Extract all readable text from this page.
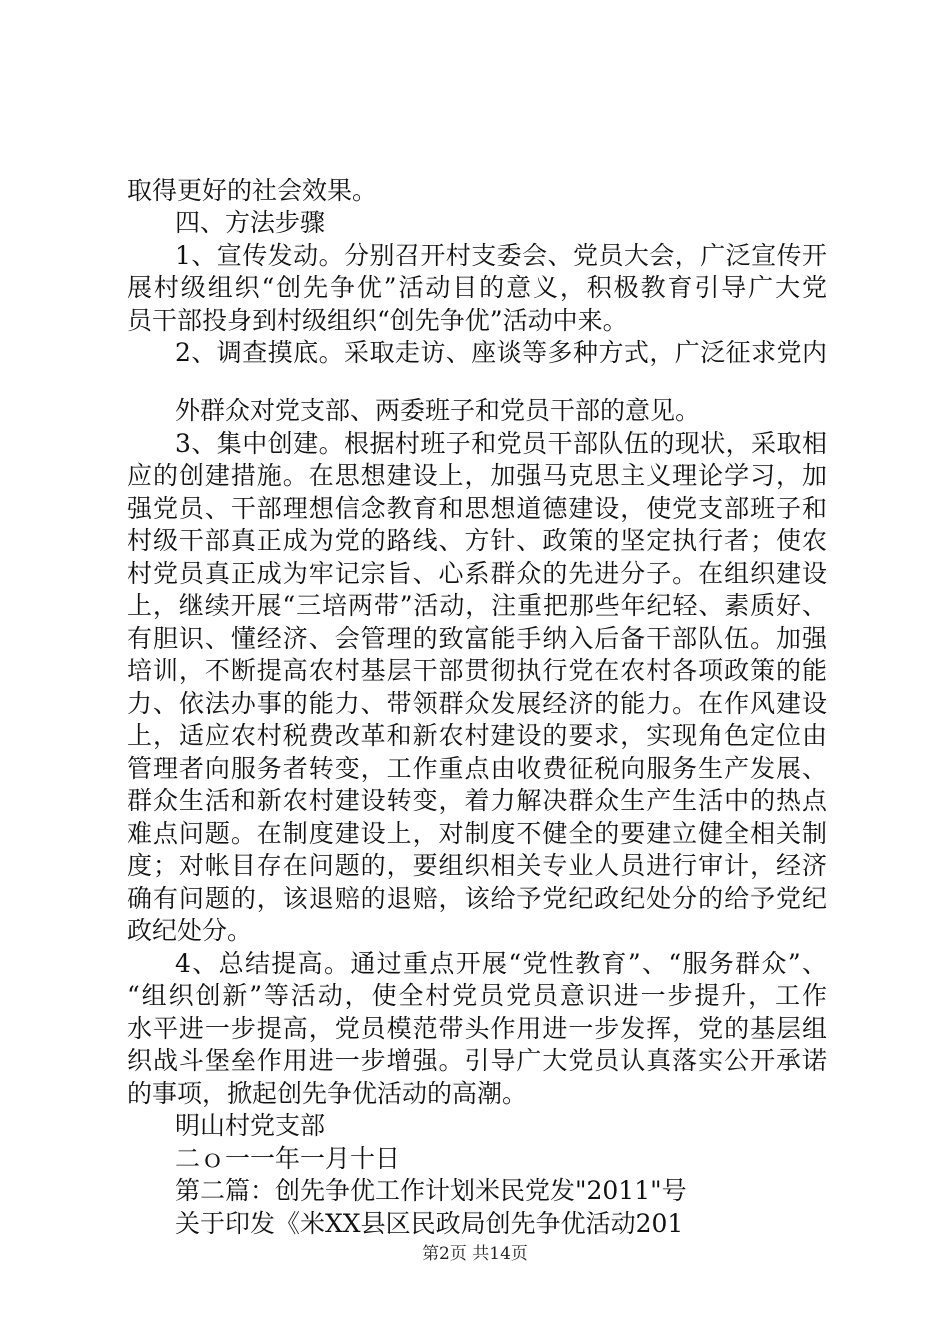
取得更好的社会效果。
四、方法步骤
1、宣传发动。分别召开村支委会、党员大会，广泛宣传开
展村级组织“创先争优”活动目的意义，积极教育引导广大党
员干部投身到村级组织“创先争优”活动中来。
2、调查摸底。采取走访、座谈等多种方式，广泛征求党内
外群众对党支部、两委班子和党员干部的意见。
3、集中创建。根据村班子和党员干部队伍的现状，采取相
应的创建措施。在思想建设上，加强马克思主义理论学习，加
强党员、干部理想信念教育和思想道德建设，使党支部班子和
村级干部真正成为党的路线、方针、政策的坚定执行者；使农
村党员真正成为牢记宗旨、心系群众的先进分子。在组织建设
上，继续开展“三培两带”活动，注重把那些年纪轻、素质好、
有胆识、懂经济、会管理的致富能手纳入后备干部队伍。加强
培训，不断提高农村基层干部贯彻执行党在农村各项政策的能
力、依法办事的能力、带领群众发展经济的能力。在作风建设
上，适应农村税费改革和新农村建设的要求，实现角色定位由
管理者向服务者转变，工作重点由收费征税向服务生产发展、
群众生活和新农村建设转变，着力解决群众生产生活中的热点
难点问题。在制度建设上，对制度不健全的要建立健全相关制
度；对帐目存在问题的，要组织相关专业人员进行审计，经济
确有问题的，该退赔的退赔，该给予党纪政纪处分的给予党纪
政纪处分。
4、总结提高。通过重点开展“党性教育”、“服务群众”、
“组织创新”等活动，使全村党员党员意识进一步提升，工作
水平进一步提高，党员模范带头作用进一步发挥，党的基层组
织战斗堡垒作用进一步增强。引导广大党员认真落实公开承诺
的事项，掀起创先争优活动的高潮。
明山村党支部
二ｏ一一年一月十日
第二篇：创先争优工作计划米民党发"2011"号
关于印发《米XX县区民政局创先争优活动201
第2页 共14页
